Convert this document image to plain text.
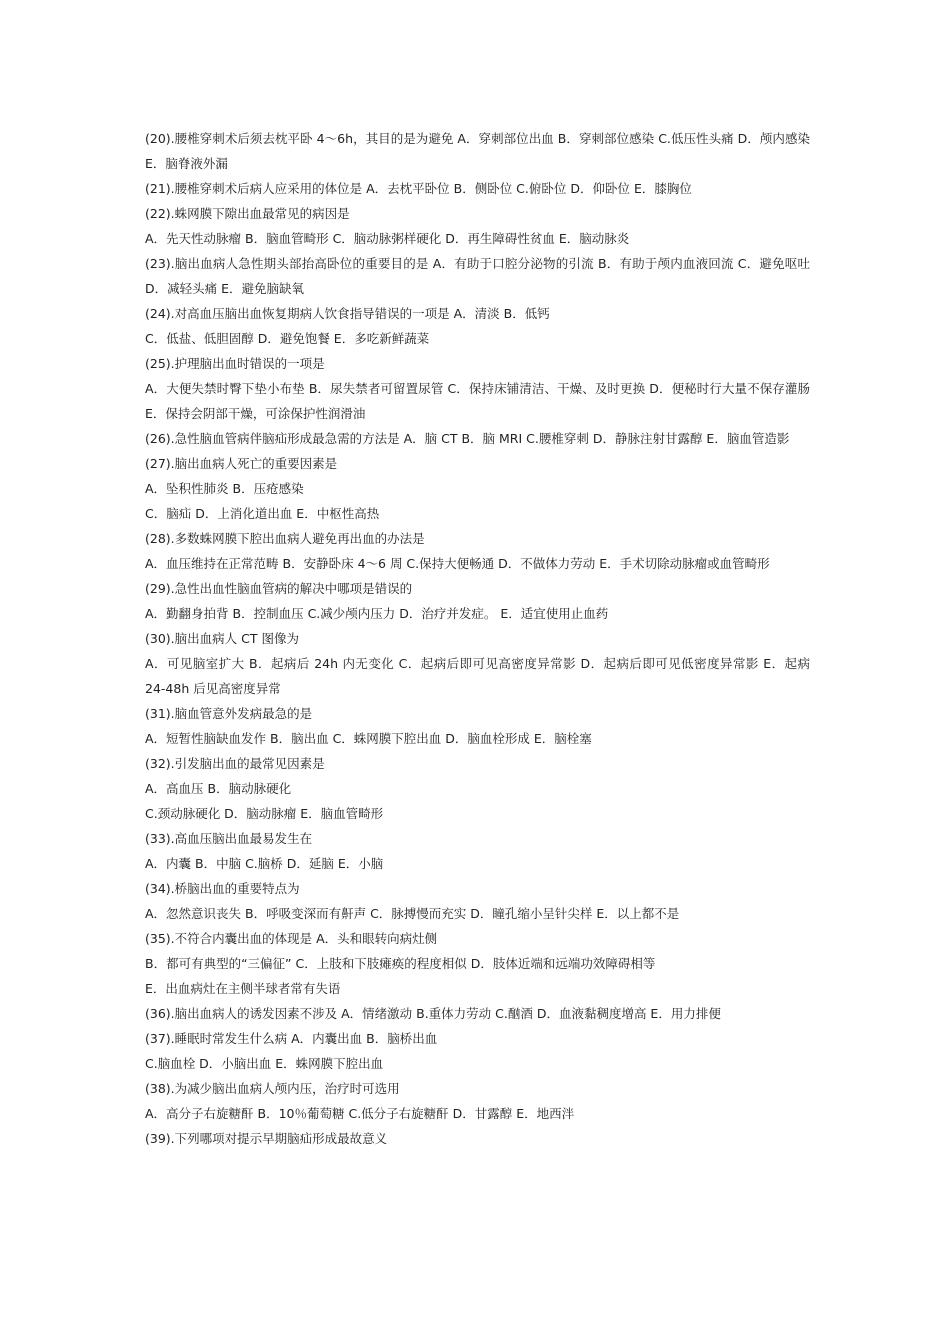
(20).腰椎穿刺术后须去枕平卧 4～6h，其目的是为避免 A．穿刺部位出血 B．穿刺部位感染 C.低压性头痛 D．颅内感染 E．脑脊液外漏

(21).腰椎穿刺术后病人应采用的体位是 A．去枕平卧位 B．侧卧位 C.俯卧位 D．仰卧位 E．膝胸位

(22).蛛网膜下隙出血最常见的病因是

A．先天性动脉瘤 B．脑血管畸形 C．脑动脉粥样硬化 D．再生障碍性贫血 E．脑动脉炎

(23).脑出血病人急性期头部抬高卧位的重要目的是 A．有助于口腔分泌物的引流 B．有助于颅内血液回流 C．避免呕吐 D．减轻头痛 E．避免脑缺氧

(24).对高血压脑出血恢复期病人饮食指导错误的一项是 A．清淡 B．低钙

C．低盐、低胆固醇 D．避免饱餐 E．多吃新鲜蔬菜

(25).护理脑出血时错误的一项是

A．大便失禁时臀下垫小布垫 B．尿失禁者可留置尿管 C．保持床铺清洁、干燥、及时更换 D．便秘时行大量不保存灌肠 E．保持会阴部干燥，可涂保护性润滑油

(26).急性脑血管病伴脑疝形成最急需的方法是 A．脑 CT B．脑 MRI C.腰椎穿刺 D．静脉注射甘露醇 E．脑血管造影

(27).脑出血病人死亡的重要因素是

A．坠积性肺炎 B．压疮感染

C．脑疝 D．上消化道出血 E．中枢性高热

(28).多数蛛网膜下腔出血病人避免再出血的办法是

A．血压维持在正常范畴 B．安静卧床 4～6 周 C.保持大便畅通 D．不做体力劳动 E．手术切除动脉瘤或血管畸形

(29).急性出血性脑血管病的解决中哪项是错误的

A．勤翻身拍背 B．控制血压 C.减少颅内压力 D．治疗并发症。 E．适宜使用止血药

(30).脑出血病人 CT 图像为

A．可见脑室扩大 B．起病后 24h 内无变化 C．起病后即可见高密度异常影 D．起病后即可见低密度异常影 E．起病 24-48h 后见高密度异常

(31).脑血管意外发病最急的是

A．短暂性脑缺血发作 B．脑出血 C．蛛网膜下腔出血 D．脑血栓形成 E．脑栓塞

(32).引发脑出血的最常见因素是

A．高血压 B．脑动脉硬化

C.颈动脉硬化 D．脑动脉瘤 E．脑血管畸形

(33).高血压脑出血最易发生在

A．内囊 B．中脑 C.脑桥 D．延脑 E．小脑

(34).桥脑出血的重要特点为

A．忽然意识丧失 B．呼吸变深而有鼾声 C．脉搏慢而充实 D．瞳孔缩小呈针尖样 E．以上都不是

(35).不符合内囊出血的体现是 A．头和眼转向病灶侧

B．都可有典型的“三偏征” C．上肢和下肢瘫痪的程度相似 D．肢体近端和远端功效障碍相等

E．出血病灶在主侧半球者常有失语

(36).脑出血病人的诱发因素不涉及 A．情绪激动 B.重体力劳动 C.酗酒 D．血液黏稠度增高 E．用力排便

(37).睡眠时常发生什么病 A．内囊出血 B．脑桥出血

C.脑血栓 D．小脑出血 E．蛛网膜下腔出血

(38).为减少脑出血病人颅内压，治疗时可选用

A．高分子右旋糖酐 B．10％葡萄糖 C.低分子右旋糖酐 D．甘露醇 E．地西泮

(39).下列哪项对提示早期脑疝形成最故意义
